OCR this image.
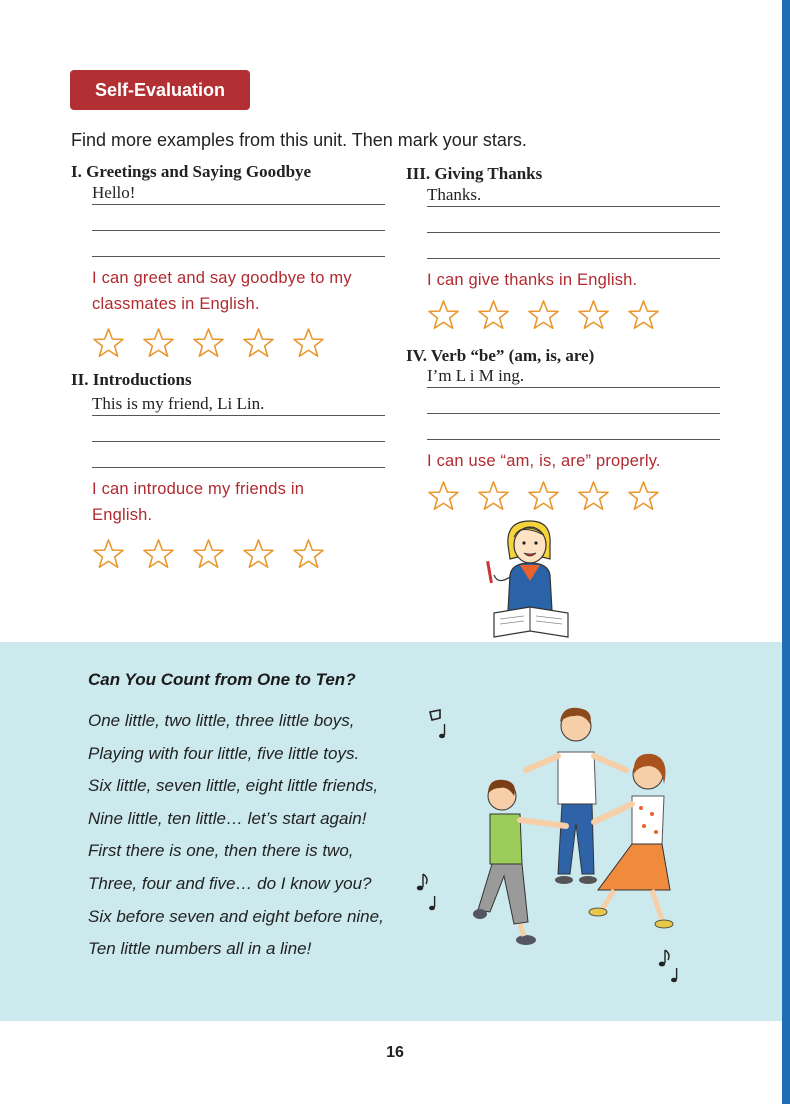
Self-Evaluation
Find more examples from this unit. Then mark your stars.
I. Greetings and Saying Goodbye
Hello!
I can greet and say goodbye to my
classmates in English.
II. Introductions
This is my friend, Li Lin.
I can introduce my friends in
English.
III. Giving Thanks
Thanks.
I can give thanks in English.
IV. Verb “be” (am, is, are)
I’m L i M ing.
I can use “am, is, are” properly.
Can You Count from One to Ten?
One little, two little, three little boys,
Playing with four little, five little toys.
Six little, seven little, eight little friends,
Nine little, ten little… let’s start again!
First there is one, then there is two,
Three, four and five… do I know you?
Six before seven and eight before nine,
Ten little numbers all in a line!
16
